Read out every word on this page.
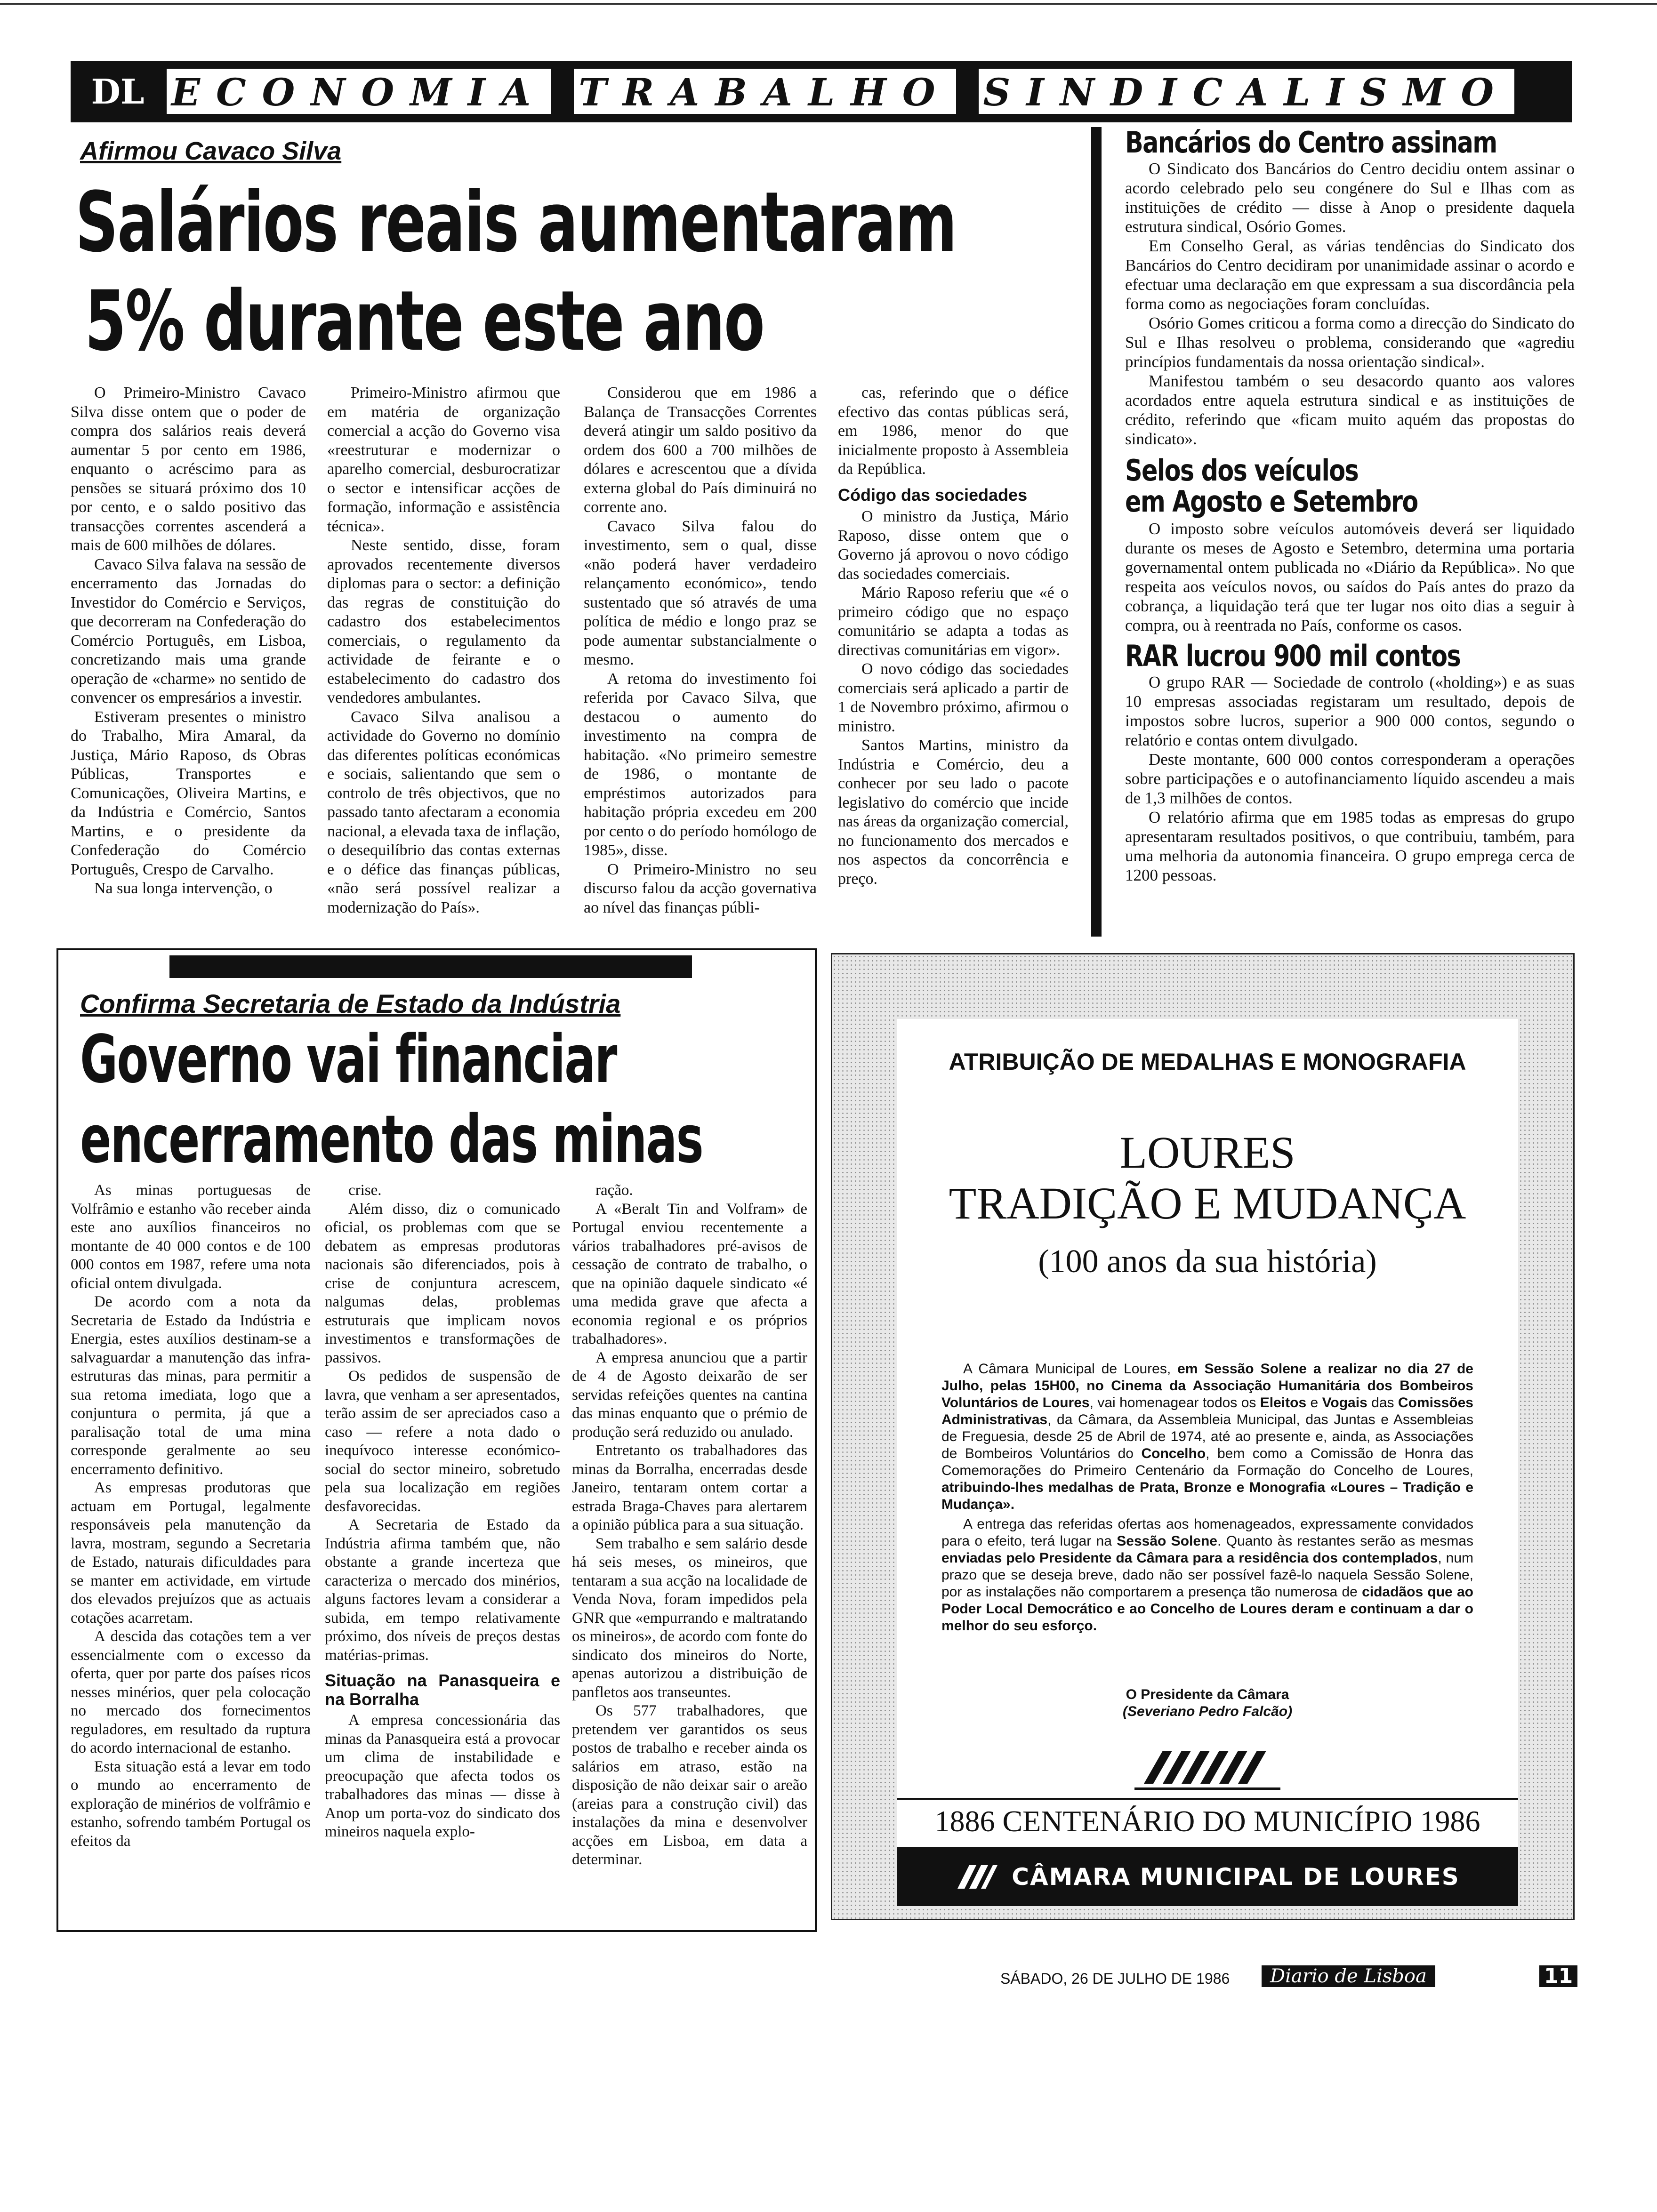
DL ECONOMIA TRABALHO SINDICALISMO
Afirmou Cavaco Silva
Salários reais aumentaram
5% durante este ano

O Primeiro-Ministro Cavaco Silva disse ontem que o poder de compra dos salários reais deverá aumentar 5 por cento em 1986, enquanto o acréscimo para as pensões se situará próximo dos 10 por cento, e o saldo positivo das transacções correntes ascenderá a mais de 600 milhões de dólares.

Cavaco Silva falava na sessão de encerramento das Jornadas do Investidor do Comércio e Serviços, que decorreram na Confederação do Comércio Português, em Lisboa, concretizando mais uma grande operação de «charme» no sentido de convencer os empresários a investir.

Estiveram presentes o ministro do Trabalho, Mira Amaral, da Justiça, Mário Raposo, ds Obras Públicas, Transportes e Comunicações, Oliveira Martins, e da Indústria e Comércio, Santos Martins, e o presidente da Confederação do Comércio Português, Crespo de Carvalho.

Na sua longa intervenção, o

Primeiro-Ministro afirmou que em matéria de organização comercial a acção do Governo visa «reestruturar e modernizar o aparelho comercial, desburocratizar o sector e intensificar acções de formação, informação e assistência técnica».

Neste sentido, disse, foram aprovados recentemente diversos diplomas para o sector: a definição das regras de constituição do cadastro dos estabelecimentos comerciais, o regulamento da actividade de feirante e o estabelecimento do cadastro dos vendedores ambulantes.

Cavaco Silva analisou a actividade do Governo no domínio das diferentes políticas económicas e sociais, salientando que sem o controlo de três objectivos, que no passado tanto afectaram a economia nacional, a elevada taxa de inflação, o desequilíbrio das contas externas e o défice das finanças públicas, «não será possível realizar a modernização do País».

Considerou que em 1986 a Balança de Transacções Correntes deverá atingir um saldo positivo da ordem dos 600 a 700 milhões de dólares e acrescentou que a dívida externa global do País diminuirá no corrente ano.

Cavaco Silva falou do investimento, sem o qual, disse «não poderá haver verdadeiro relançamento económico», tendo sustentado que só através de uma política de médio e longo praz se pode aumentar substancialmente o mesmo.

A retoma do investimento foi referida por Cavaco Silva, que destacou o aumento do investimento na compra de habitação. «No primeiro semestre de 1986, o montante de empréstimos autorizados para habitação própria excedeu em 200 por cento o do período homólogo de 1985», disse.

O Primeiro-Ministro no seu discurso falou da acção governativa ao nível das finanças públi-

cas, referindo que o défice efectivo das contas públicas será, em 1986, menor do que inicialmente proposto à Assembleia da República.

Código das sociedades

O ministro da Justiça, Mário Raposo, disse ontem que o Governo já aprovou o novo código das sociedades comerciais.

Mário Raposo referiu que «é o primeiro código que no espaço comunitário se adapta a todas as directivas comunitárias em vigor».

O novo código das sociedades comerciais será aplicado a partir de 1 de Novembro próximo, afirmou o ministro.

Santos Martins, ministro da Indústria e Comércio, deu a conhecer por seu lado o pacote legislativo do comércio que incide nas áreas da organização comercial, no funcionamento dos mercados e nos aspectos da concorrência e preço.

Bancários do Centro assinam

O Sindicato dos Bancários do Centro decidiu ontem assinar o acordo celebrado pelo seu congénere do Sul e Ilhas com as instituições de crédito — disse à Anop o presidente daquela estrutura sindical, Osório Gomes.

Em Conselho Geral, as várias tendências do Sindicato dos Bancários do Centro decidiram por unanimidade assinar o acordo e efectuar uma declaração em que expressam a sua discordância pela forma como as negociações foram concluídas.

Osório Gomes criticou a forma como a direcção do Sindicato do Sul e Ilhas resolveu o problema, considerando que «agrediu princípios fundamentais da nossa orientação sindical».

Manifestou também o seu desacordo quanto aos valores acordados entre aquela estrutura sindical e as instituições de crédito, referindo que «ficam muito aquém das propostas do sindicato».

Selos dos veículos
em Agosto e Setembro

O imposto sobre veículos automóveis deverá ser liquidado durante os meses de Agosto e Setembro, determina uma portaria governamental ontem publicada no «Diário da República». No que respeita aos veículos novos, ou saídos do País antes do prazo da cobrança, a liquidação terá que ter lugar nos oito dias a seguir à compra, ou à reentrada no País, conforme os casos.

RAR lucrou 900 mil contos

O grupo RAR — Sociedade de controlo («holding») e as suas 10 empresas associadas registaram um resultado, depois de impostos sobre lucros, superior a 900 000 contos, segundo o relatório e contas ontem divulgado.

Deste montante, 600 000 contos corresponderam a operações sobre participações e o autofinanciamento líquido ascendeu a mais de 1,3 milhões de contos.

O relatório afirma que em 1985 todas as empresas do grupo apresentaram resultados positivos, o que contribuiu, também, para uma melhoria da autonomia financeira. O grupo emprega cerca de 1200 pessoas.

Confirma Secretaria de Estado da Indústria
Governo vai financiar
encerramento das minas

As minas portuguesas de Volfrâmio e estanho vão receber ainda este ano auxílios financeiros no montante de 40 000 contos e de 100 000 contos em 1987, refere uma nota oficial ontem divulgada.

De acordo com a nota da Secretaria de Estado da Indústria e Energia, estes auxílios destinam-se a salvaguardar a manutenção das infra-estruturas das minas, para permitir a sua retoma imediata, logo que a conjuntura o permita, já que a paralisação total de uma mina corresponde geralmente ao seu encerramento definitivo.

As empresas produtoras que actuam em Portugal, legalmente responsáveis pela manutenção da lavra, mostram, segundo a Secretaria de Estado, naturais dificuldades para se manter em actividade, em virtude dos elevados prejuízos que as actuais cotações acarretam.

A descida das cotações tem a ver essencialmente com o excesso da oferta, quer por parte dos países ricos nesses minérios, quer pela colocação no mercado dos fornecimentos reguladores, em resultado da ruptura do acordo internacional de estanho.

Esta situação está a levar em todo o mundo ao encerramento de exploração de minérios de volfrâmio e estanho, sofrendo também Portugal os efeitos da

crise.

Além disso, diz o comunicado oficial, os problemas com que se debatem as empresas produtoras nacionais são diferenciados, pois à crise de conjuntura acrescem, nalgumas delas, problemas estruturais que implicam novos investimentos e transformações de passivos.

Os pedidos de suspensão de lavra, que venham a ser apresentados, terão assim de ser apreciados caso a caso — refere a nota dado o inequívoco interesse económico-social do sector mineiro, sobretudo pela sua localização em regiões desfavorecidas.

A Secretaria de Estado da Indústria afirma também que, não obstante a grande incerteza que caracteriza o mercado dos minérios, alguns factores levam a considerar a subida, em tempo relativamente próximo, dos níveis de preços destas matérias-primas.

Situação na Panasqueira e na Borralha

A empresa concessionária das minas da Panasqueira está a provocar um clima de instabilidade e preocupação que afecta todos os trabalhadores das minas — disse à Anop um porta-voz do sindicato dos mineiros naquela explo-

ração.

A «Beralt Tin and Volfram» de Portugal enviou recentemente a vários trabalhadores pré-avisos de cessação de contrato de trabalho, o que na opinião daquele sindicato «é uma medida grave que afecta a economia regional e os próprios trabalhadores».

A empresa anunciou que a partir de 4 de Agosto deixarão de ser servidas refeições quentes na cantina das minas enquanto que o prémio de produção será reduzido ou anulado.

Entretanto os trabalhadores das minas da Borralha, encerradas desde Janeiro, tentaram ontem cortar a estrada Braga-Chaves para alertarem a opinião pública para a sua situação.

Sem trabalho e sem salário desde há seis meses, os mineiros, que tentaram a sua acção na localidade de Venda Nova, foram impedidos pela GNR que «empurrando e maltratando os mineiros», de acordo com fonte do sindicato dos mineiros do Norte, apenas autorizou a distribuição de panfletos aos transeuntes.

Os 577 trabalhadores, que pretendem ver garantidos os seus postos de trabalho e receber ainda os salários em atraso, estão na disposição de não deixar sair o areão (areias para a construção civil) das instalações da mina e desenvolver acções em Lisboa, em data a determinar.

ATRIBUIÇÃO DE MEDALHAS E MONOGRAFIA
LOURES
TRADIÇÃO E MUDANÇA
(100 anos da sua história)

A Câmara Municipal de Loures, em Sessão Solene a realizar no dia 27 de Julho, pelas 15H00, no Cinema da Associação Humanitária dos Bombeiros Voluntários de Loures, vai homenagear todos os Eleitos e Vogais das Comissões Administrativas, da Câmara, da Assembleia Municipal, das Juntas e Assembleias de Freguesia, desde 25 de Abril de 1974, até ao presente e, ainda, as Associações de Bombeiros Voluntários do Concelho, bem como a Comissão de Honra das Comemorações do Primeiro Centenário da Formação do Concelho de Loures, atribuindo-lhes medalhas de Prata, Bronze e Monografia «Loures – Tradição e Mudança».

A entrega das referidas ofertas aos homenageados, expressamente convidados para o efeito, terá lugar na Sessão Solene. Quanto às restantes serão as mesmas enviadas pelo Presidente da Câmara para a residência dos contemplados, num prazo que se deseja breve, dado não ser possível fazê-lo naquela Sessão Solene, por as instalações não comportarem a presença tão numerosa de cidadãos que ao Poder Local Democrático e ao Concelho de Loures deram e continuam a dar o melhor do seu esforço.

O Presidente da Câmara
(Severiano Pedro Falcão)
1886 CENTENÁRIO DO MUNICÍPIO 1986
CÂMARA MUNICIPAL DE LOURES
SÁBADO, 26 DE JULHO DE 1986	Diario de Lisboa	11
